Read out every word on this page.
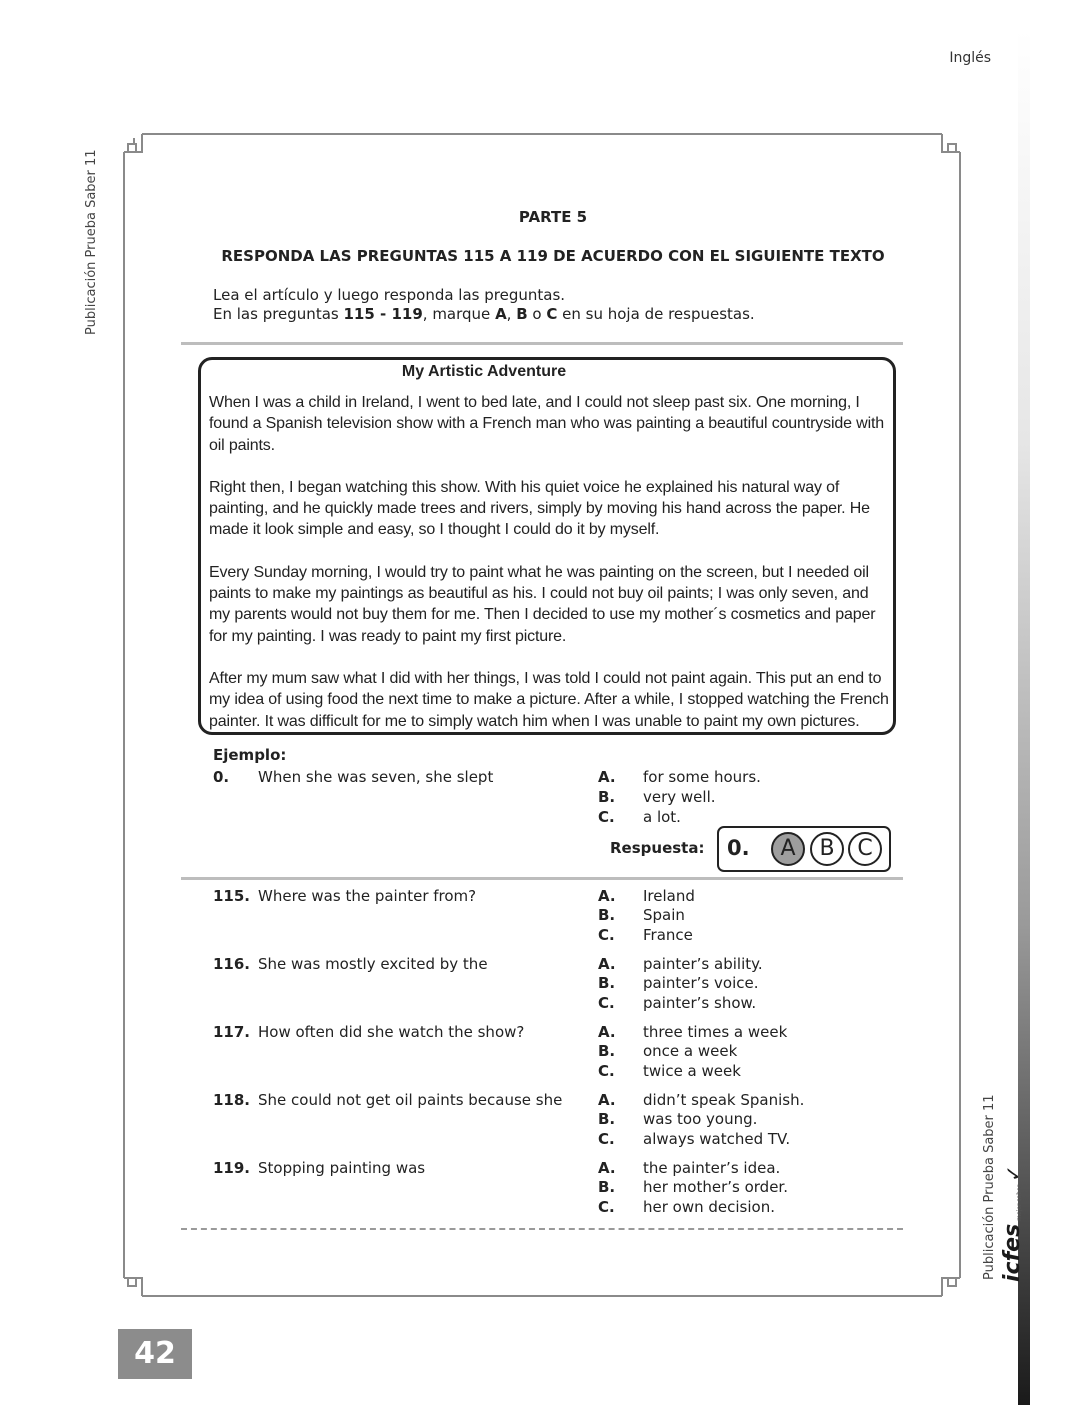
Inglés
Publicación Prueba Saber 11
Publicación Prueba Saber 11 icfes
mejor saber
✓
PARTE 5
RESPONDA LAS PREGUNTAS 115 A 119 DE ACUERDO CON EL SIGUIENTE TEXTO
Lea el artículo y luego responda las preguntas.
En las preguntas 115 - 119, marque A, B o C en su hoja de respuestas.
My Artistic Adventure

When I was a child in Ireland, I went to bed late, and I could not sleep past six. One morning, I found a Spanish television show with a French man who was painting a beautiful countryside with oil paints.

Right then, I began watching this show. With his quiet voice he explained his natural way of painting, and he quickly made trees and rivers, simply by moving his hand across the paper. He made it look simple and easy, so I thought I could do it by myself.

Every Sunday morning, I would try to paint what he was painting on the screen, but I needed oil paints to make my paintings as beautiful as his. I could not buy oil paints; I was only seven, and my parents would not buy them for me. Then I decided to use my mother´s cosmetics and paper for my painting. I was ready to paint my first picture.

After my mum saw what I did with her things, I was told I could not paint again. This put an end to my idea of using food the next time to make a picture. After a while, I stopped watching the French painter. It was difficult for me to simply watch him when I was unable to paint my own pictures.

Ejemplo:
0. When she was seven, she slept	A. for some hours.
B. very well.
C. a lot.
Respuesta: 0.	A	B	C
115. Where was the painter from?	A. Ireland
B. Spain
C. France
116. She was mostly excited by the	A. painter’s ability.
B. painter’s voice.
C. painter’s show.
117. How often did she watch the show?	A. three times a week
B. once a week
C. twice a week
118. She could not get oil paints because she A. didn’t speak Spanish.
B. was too young.
C. always watched TV.
119. Stopping painting was	A. the painter’s idea.
B. her mother’s order.
C. her own decision.
42
